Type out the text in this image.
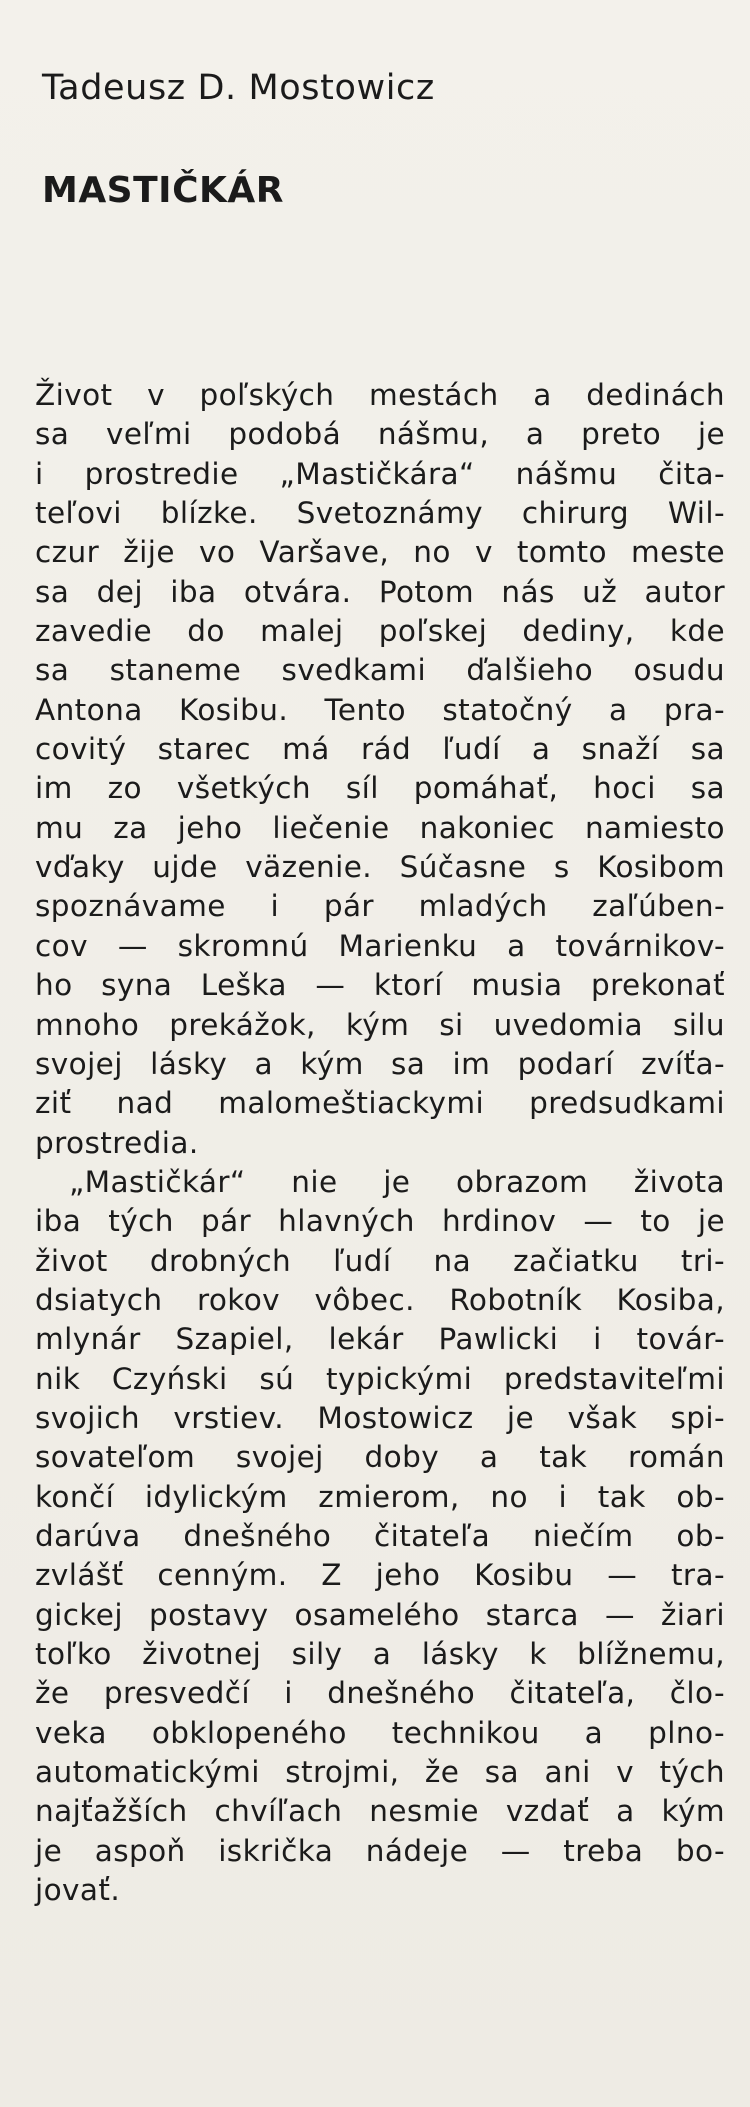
Tadeusz D. Mostowicz
MASTIČKÁR
Život v poľských mestách a dedinách
sa veľmi podobá nášmu, a preto je
i prostredie „Mastičkára“ nášmu čita-
teľovi blízke. Svetoznámy chirurg Wil-
czur žije vo Varšave, no v tomto meste
sa dej iba otvára. Potom nás už autor
zavedie do malej poľskej dediny, kde
sa staneme svedkami ďalšieho osudu
Antona Kosibu. Tento statočný a pra-
covitý starec má rád ľudí a snaží sa
im zo všetkých síl pomáhať, hoci sa
mu za jeho liečenie nakoniec namiesto
vďaky ujde väzenie. Súčasne s Kosibom
spoznávame i pár mladých zaľúben-
cov — skromnú Marienku a továrnikov-
ho syna Leška — ktorí musia prekonať
mnoho prekážok, kým si uvedomia silu
svojej lásky a kým sa im podarí zvíťa-
ziť nad malomeštiackymi predsudkami
prostredia.
„Mastičkár“ nie je obrazom života
iba tých pár hlavných hrdinov — to je
život drobných ľudí na začiatku tri-
dsiatych rokov vôbec. Robotník Kosiba,
mlynár Szapiel, lekár Pawlicki i továr-
nik Czyński sú typickými predstaviteľmi
svojich vrstiev. Mostowicz je však spi-
sovateľom svojej doby a tak román
končí idylickým zmierom, no i tak ob-
darúva dnešného čitateľa niečím ob-
zvlášť cenným. Z jeho Kosibu — tra-
gickej postavy osamelého starca — žiari
toľko životnej sily a lásky k blížnemu,
že presvedčí i dnešného čitateľa, člo-
veka obklopeného technikou a plno-
automatickými strojmi, že sa ani v tých
najťažších chvíľach nesmie vzdať a kým
je aspoň iskrička nádeje — treba bo-
jovať.
